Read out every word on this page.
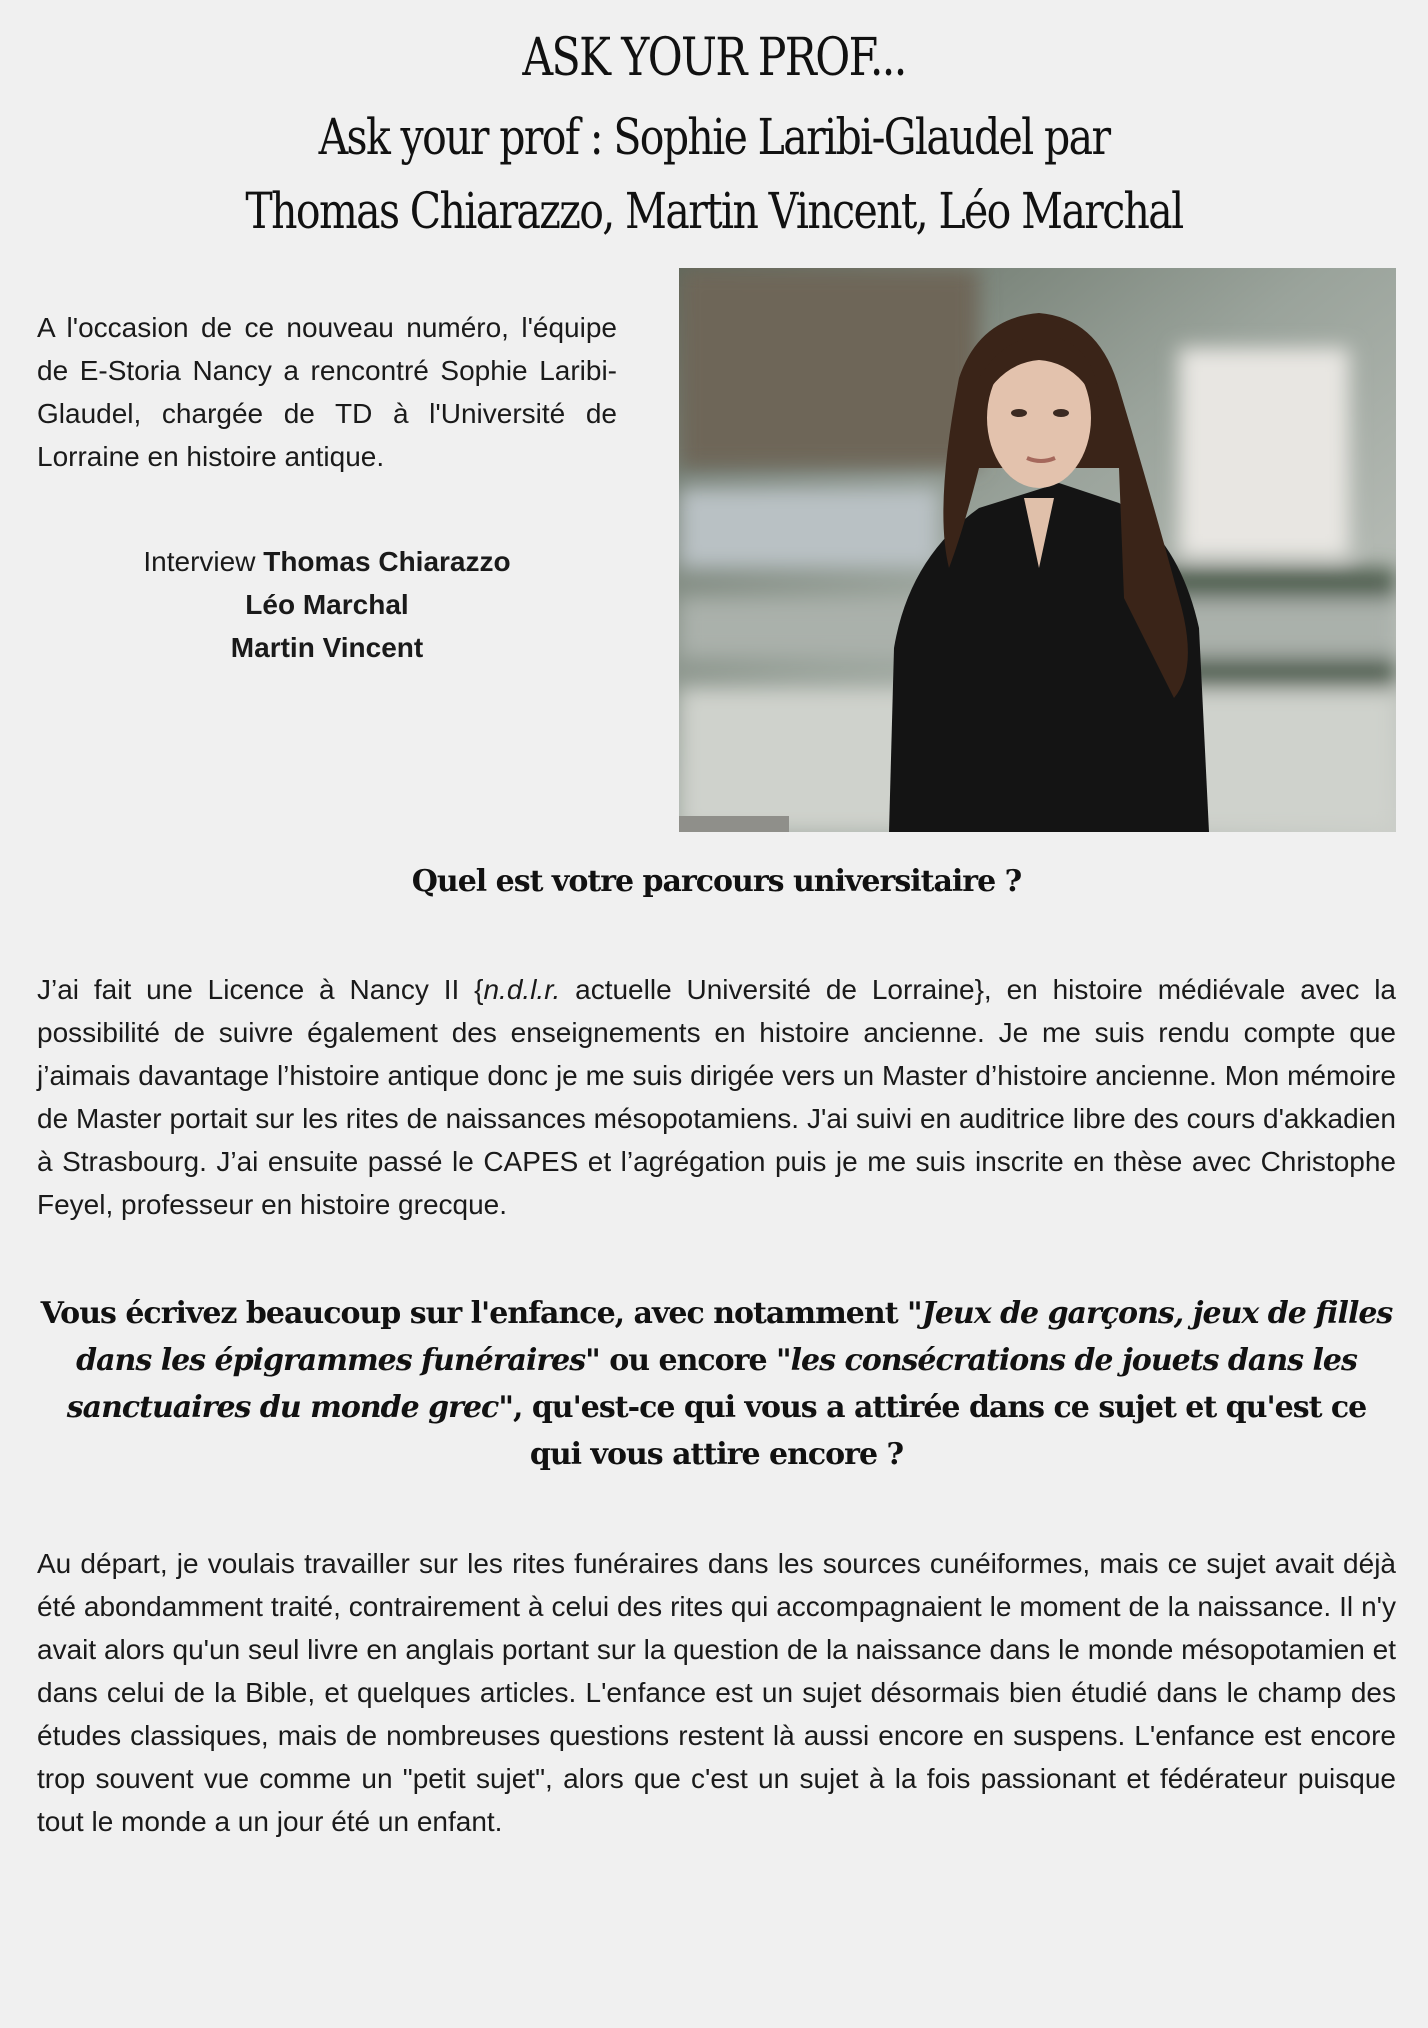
ASK YOUR PROF...
Ask your prof : Sophie Laribi-Glaudel par
Thomas Chiarazzo, Martin Vincent, Léo Marchal

A l'occasion de ce nouveau numéro, l'équipe de E-Storia Nancy a rencontré Sophie Laribi-Glaudel, chargée de TD à l'Université de Lorraine en histoire antique.

Interview Thomas Chiarazzo
Léo Marchal
Martin Vincent
Quel est votre parcours universitaire ?

J’ai fait une Licence à Nancy II {n.d.l.r. actuelle Université de Lorraine}, en histoire médiévale avec la possibilité de suivre également des enseignements en histoire ancienne. Je me suis rendu compte que j’aimais davantage l’histoire antique donc je me suis dirigée vers un Master d’histoire ancienne. Mon mémoire de Master portait sur les rites de naissances mésopotamiens. J'ai suivi en auditrice libre des cours d'akkadien à Strasbourg. J’ai ensuite passé le CAPES et l’agrégation puis je me suis inscrite en thèse avec Christophe Feyel, professeur en histoire grecque.

Vous écrivez beaucoup sur l'enfance, avec notamment "Jeux de garçons, jeux de filles dans les épigrammes funéraires" ou encore "les consécrations de jouets dans les sanctuaires du monde grec", qu'est-ce qui vous a attirée dans ce sujet et qu'est ce qui vous attire encore ?

Au départ, je voulais travailler sur les rites funéraires dans les sources cunéiformes, mais ce sujet avait déjà été abondamment traité, contrairement à celui des rites qui accompagnaient le moment de la naissance. Il n'y avait alors qu'un seul livre en anglais portant sur la question de la naissance dans le monde mésopotamien et dans celui de la Bible, et quelques articles. L'enfance est un sujet désormais bien étudié dans le champ des études classiques, mais de nombreuses questions restent là aussi encore en suspens. L'enfance est encore trop souvent vue comme un "petit sujet", alors que c'est un sujet à la fois passionant et fédérateur puisque tout le monde a un jour été un enfant.
